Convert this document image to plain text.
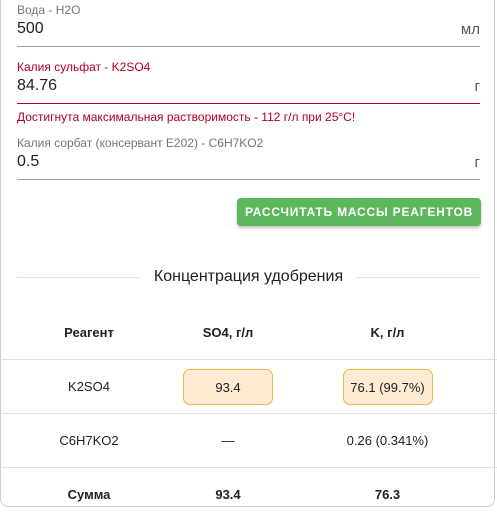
Вода - H2O
500	мл
Калия сульфат - K2SO4
84.76	г
Достигнута максимальная растворимость - 112 г/л при 25°C!
Калия сорбат (консервант E202) - C6H7KO2
0.5	г
РАССЧИТАТЬ МАССЫ РЕАГЕНТОВ
Концентрация удобрения
Реагент	SO4, г/л	K, г/л
K2SO4	93.4	76.1 (99.7%)
C6H7KO2	—	0.26 (0.341%)
Сумма	93.4	76.3
